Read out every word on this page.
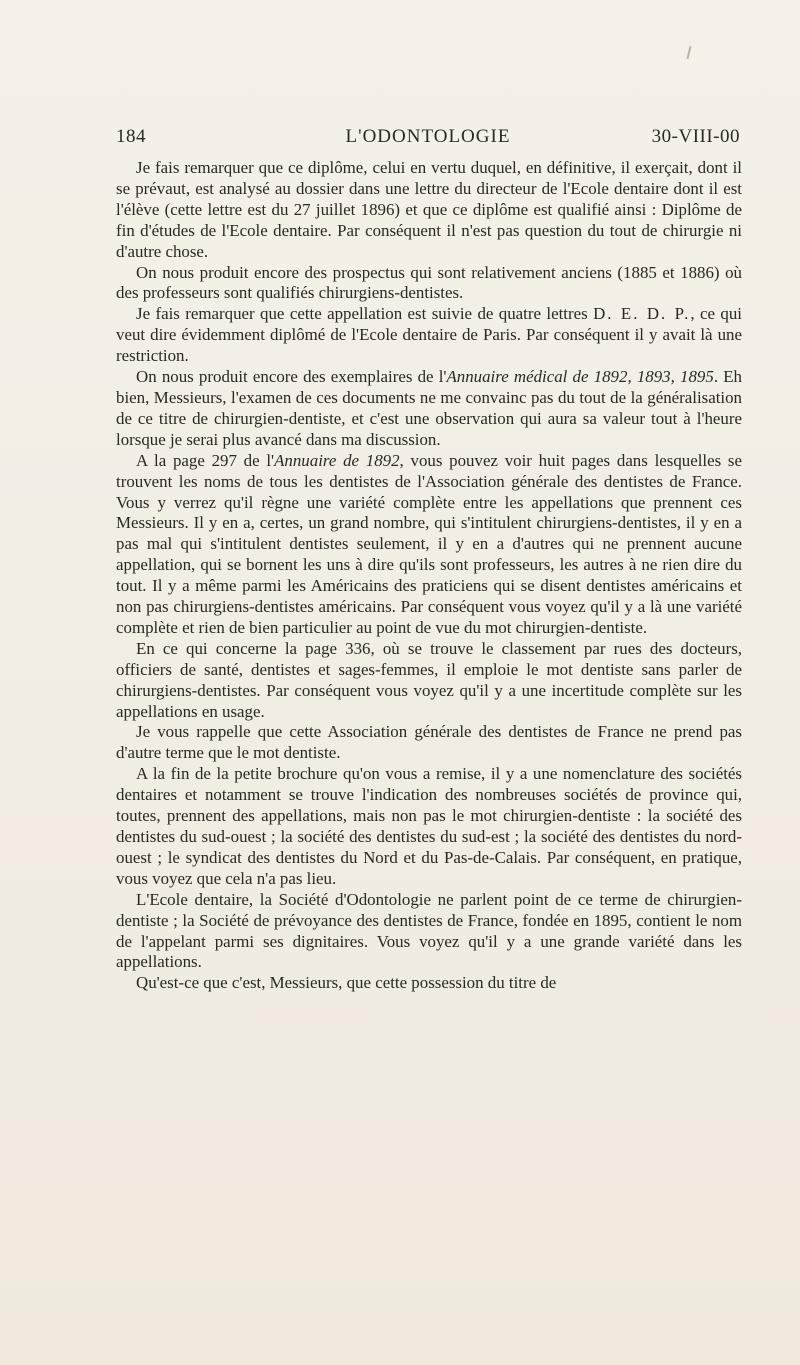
L'ODONTOLOGIE
184	30-VIII-00

Je fais remarquer que ce diplôme, celui en vertu duquel, en définitive, il exerçait, dont il se prévaut, est analysé au dossier dans une lettre du directeur de l'Ecole dentaire dont il est l'élève (cette lettre est du 27 juillet 1896) et que ce diplôme est qualifié ainsi : Diplôme de fin d'études de l'Ecole dentaire. Par conséquent il n'est pas question du tout de chirurgie ni d'autre chose.

On nous produit encore des prospectus qui sont relativement anciens (1885 et 1886) où des professeurs sont qualifiés chirurgiens-dentistes.

Je fais remarquer que cette appellation est suivie de quatre lettres D. E. D. P., ce qui veut dire évidemment diplômé de l'Ecole dentaire de Paris. Par conséquent il y avait là une restriction.

On nous produit encore des exemplaires de l'Annuaire médical de 1892, 1893, 1895. Eh bien, Messieurs, l'examen de ces documents ne me convainc pas du tout de la généralisation de ce titre de chirurgien-dentiste, et c'est une observation qui aura sa valeur tout à l'heure lorsque je serai plus avancé dans ma discussion.

A la page 297 de l'Annuaire de 1892, vous pouvez voir huit pages dans lesquelles se trouvent les noms de tous les dentistes de l'Association générale des dentistes de France. Vous y verrez qu'il règne une variété complète entre les appellations que prennent ces Messieurs. Il y en a, certes, un grand nombre, qui s'intitulent chirurgiens-dentistes, il y en a pas mal qui s'intitulent dentistes seulement, il y en a d'autres qui ne prennent aucune appellation, qui se bornent les uns à dire qu'ils sont professeurs, les autres à ne rien dire du tout. Il y a même parmi les Américains des praticiens qui se disent dentistes américains et non pas chirurgiens-dentistes américains. Par conséquent vous voyez qu'il y a là une variété complète et rien de bien particulier au point de vue du mot chirurgien-dentiste.

En ce qui concerne la page 336, où se trouve le classement par rues des docteurs, officiers de santé, dentistes et sages-femmes, il emploie le mot dentiste sans parler de chirurgiens-dentistes. Par conséquent vous voyez qu'il y a une incertitude complète sur les appellations en usage.

Je vous rappelle que cette Association générale des dentistes de France ne prend pas d'autre terme que le mot dentiste.

A la fin de la petite brochure qu'on vous a remise, il y a une nomenclature des sociétés dentaires et notamment se trouve l'indication des nombreuses sociétés de province qui, toutes, prennent des appellations, mais non pas le mot chirurgien-dentiste : la société des dentistes du sud-ouest ; la société des dentistes du sud-est ; la société des dentistes du nord-ouest ; le syndicat des dentistes du Nord et du Pas-de-Calais. Par conséquent, en pratique, vous voyez que cela n'a pas lieu.

L'Ecole dentaire, la Société d'Odontologie ne parlent point de ce terme de chirurgien-dentiste ; la Société de prévoyance des dentistes de France, fondée en 1895, contient le nom de l'appelant parmi ses dignitaires. Vous voyez qu'il y a une grande variété dans les appellations.

Qu'est-ce que c'est, Messieurs, que cette possession du titre de
